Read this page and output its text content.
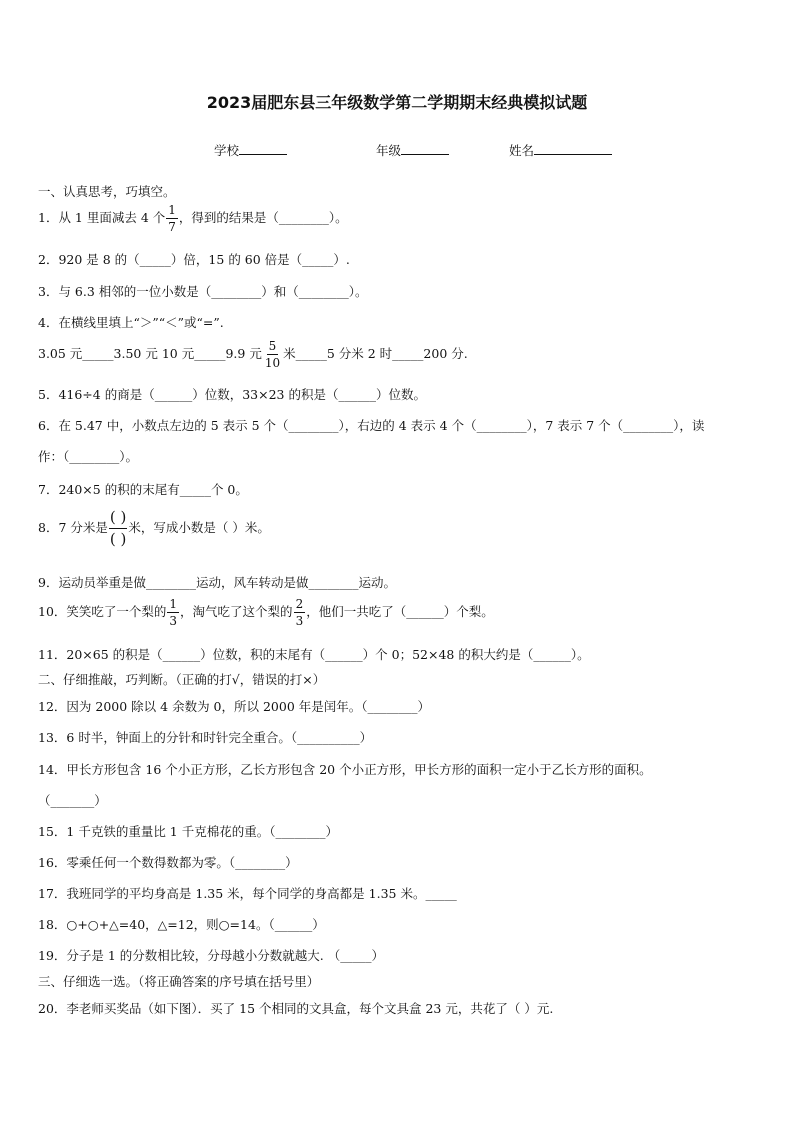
2023届肥东县三年级数学第二学期期末经典模拟试题
学校	年级	姓名
一、认真思考，巧填空。
1．从 1 里面减去 4 个 $\frac{1}{7}$ ，得到的结果是（________）。
2．920 是 8 的（_____）倍，15 的 60 倍是（_____）.
3．与 6.3 相邻的一位小数是（________）和（________）。
4．在横线里填上“＞”“＜”或“=”.
3.05 元_____3.50 元 10 元_____9.9 元 $\frac{5}{10}$ 米_____5 分米 2 时_____200 分.
5．416÷4 的商是（______）位数，33×23 的积是（______）位数。
6．在 5.47 中，小数点左边的 5 表示 5 个（________），右边的 4 表示 4 个（________），7 表示 7 个（________），读
作：（________）。
7．240×5 的积的末尾有_____个 0。
8．7 分米是
( )
( )
米，写成小数是（ ）米。
9．运动员举重是做________运动，风车转动是做________运动。
10．笑笑吃了一个梨的 $\frac{1}{3}$ ，淘气吃了这个梨的 $\frac{2}{3}$ ，他们一共吃了（______）个梨。
11．20×65 的积是（______）位数，积的末尾有（______）个 0；52×48 的积大约是（______）。
二、仔细推敲，巧判断。（正确的打√，错误的打×）
12．因为 2000 除以 4 余数为 0，所以 2000 年是闰年。（________）
13．6 时半，钟面上的分针和时针完全重合。（__________）
14．甲长方形包含 16 个小正方形，乙长方形包含 20 个小正方形，甲长方形的面积一定小于乙长方形的面积。
（_______）
15．1 千克铁的重量比 1 千克棉花的重。（________）
16．零乘任何一个数得数都为零。（________）
17．我班同学的平均身高是 1.35 米，每个同学的身高都是 1.35 米。_____
18．○+○+△=40，△=12，则○=14。（______）
19．分子是 1 的分数相比较，分母越小分数就越大. （_____）
三、仔细选一选。（将正确答案的序号填在括号里）
20．李老师买奖品（如下图）．买了 15 个相同的文具盒，每个文具盒 23 元，共花了（ ）元.
